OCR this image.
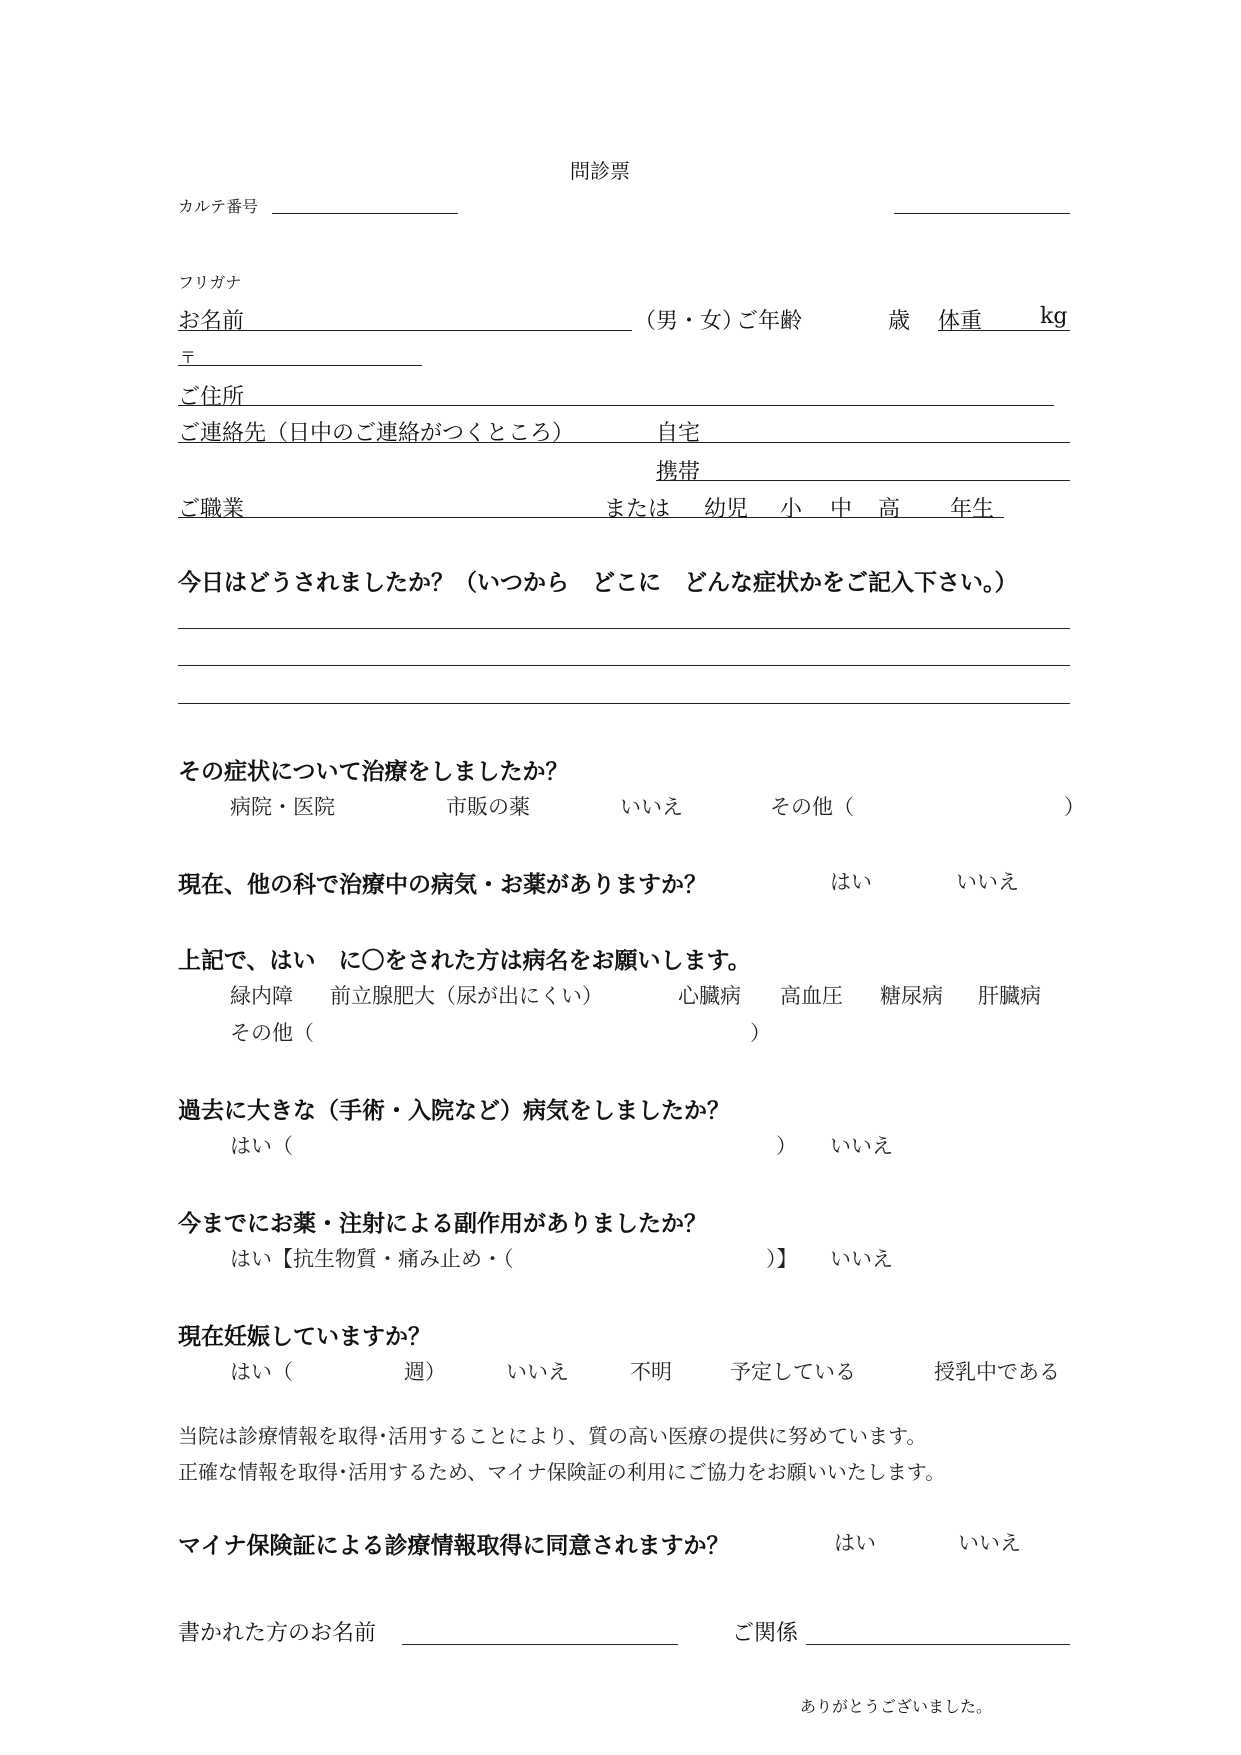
問診票
カルテ番号
フリガナ
お名前	（男・女）
ご年齢	歳 体重	kg
〒
ご住所
ご連絡先（日中のご連絡がつくところ）	自宅
携帯
ご職業	または 幼児 小 中 高 年生
今日はどうされましたか？（いつから　どこに　どんな症状かをご記入下さい。）
その症状について治療をしましたか？
病院・医院	市販の薬	いいえ	その他（	）
現在、他の科で治療中の病気・お薬がありますか？	はい	いいえ
上記で、はい　に〇をされた方は病名をお願いします。
緑内障 前立腺肥大（尿が出にくい）	心臓病 高血圧 糖尿病 肝臓病
その他（	）
過去に大きな（手術・入院など）病気をしましたか？
はい（	） いいえ
今までにお薬・注射による副作用がありましたか？
はい【抗生物質・痛み止め・（	）】 いいえ
現在妊娠していますか？
はい（	週）	いいえ	不明	予定している	授乳中である
当院は診療情報を取得･活用することにより、質の高い医療の提供に努めています。
正確な情報を取得･活用するため、マイナ保険証の利用にご協力をお願いいたします。
マイナ保険証による診療情報取得に同意されますか？	はい	いいえ
書かれた方のお名前	ご関係
ありがとうございました。
